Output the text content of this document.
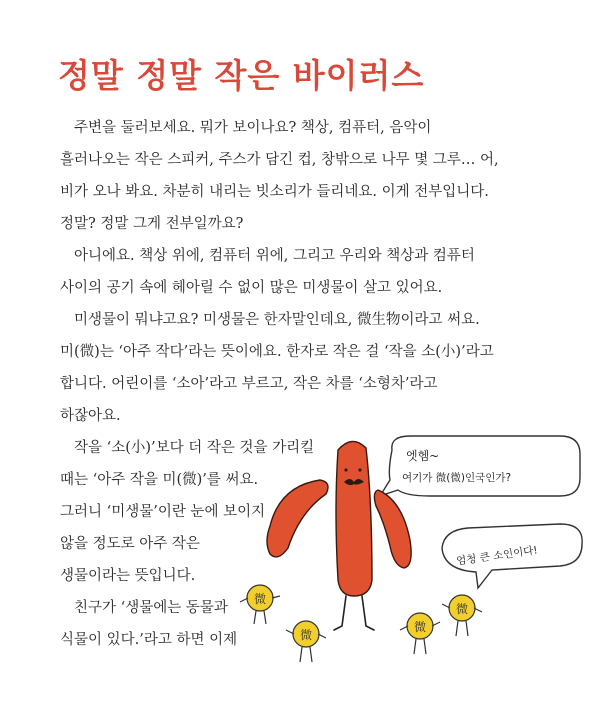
정말 정말 작은 바이러스

주변을 둘러보세요. 뭐가 보이나요? 책상, 컴퓨터, 음악이
흘러나오는 작은 스피커, 주스가 담긴 컵, 창밖으로 나무 몇 그루… 어,
비가 오나 봐요. 차분히 내리는 빗소리가 들리네요. 이게 전부입니다.
정말? 정말 그게 전부일까요?

아니에요. 책상 위에, 컴퓨터 위에, 그리고 우리와 책상과 컴퓨터
사이의 공기 속에 헤아릴 수 없이 많은 미생물이 살고 있어요.

미생물이 뭐냐고요? 미생물은 한자말인데요, 微生物이라고 써요.
미(微)는 ‘아주 작다’라는 뜻이에요. 한자로 작은 걸 ‘작을 소(小)’라고
합니다. 어린이를 ‘소아’라고 부르고, 작은 차를 ‘소형차’라고
하잖아요.

작을 ‘소(小)’보다 더 작은 것을 가리킬
때는 ‘아주 작을 미(微)’를 써요.
그러니 ‘미생물’이란 눈에 보이지
않을 정도로 아주 작은
생물이라는 뜻입니다.

친구가 ‘생물에는 동물과
식물이 있다.’라고 하면 이제

微
微
微
微
엣헴~
여기가 微(微)인국인가?
엄청 큰 소인이다!
